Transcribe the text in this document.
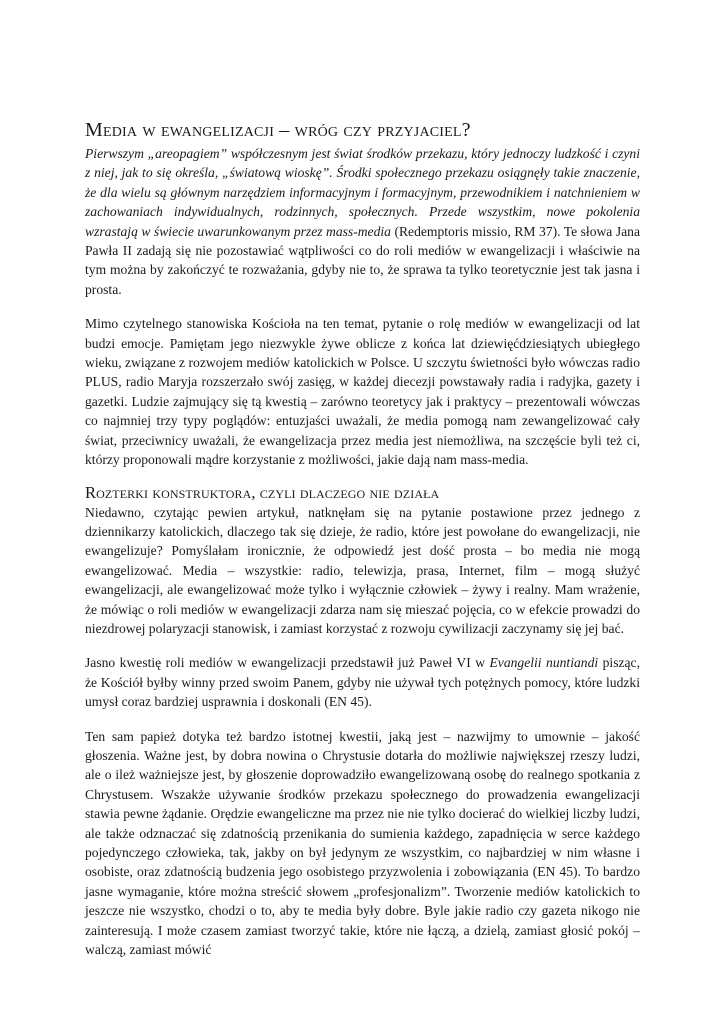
Media w ewangelizacji – wróg czy przyjaciel?

Pierwszym „areopagiem” współczesnym jest świat środków przekazu, który jednoczy ludzkość i czyni z niej, jak to się określa, „światową wioskę”. Środki społecznego przekazu osiągnęły takie znaczenie, że dla wielu są głównym narzędziem informacyjnym i formacyjnym, przewodnikiem i natchnieniem w zachowaniach indywidualnych, rodzinnych, społecznych. Przede wszystkim, nowe pokolenia wzrastają w świecie uwarunkowanym przez mass-media (Redemptoris missio, RM 37). Te słowa Jana Pawła II zadają się nie pozostawiać wątpliwości co do roli mediów w ewangelizacji i właściwie na tym można by zakończyć te rozważania, gdyby nie to, że sprawa ta tylko teoretycznie jest tak jasna i prosta.

Mimo czytelnego stanowiska Kościoła na ten temat, pytanie o rolę mediów w ewangelizacji od lat budzi emocje. Pamiętam jego niezwykle żywe oblicze z końca lat dziewięćdziesiątych ubiegłego wieku, związane z rozwojem mediów katolickich w Polsce. U szczytu świetności było wówczas radio PLUS, radio Maryja rozszerzało swój zasięg, w każdej diecezji powstawały radia i radyjka, gazety i gazetki. Ludzie zajmujący się tą kwestią – zarówno teoretycy jak i praktycy – prezentowali wówczas co najmniej trzy typy poglądów: entuzjaści uważali, że media pomogą nam zewangelizować cały świat, przeciwnicy uważali, że ewangelizacja przez media jest niemożliwa, na szczęście byli też ci, którzy proponowali mądre korzystanie z możliwości, jakie dają nam mass-media.

Rozterki konstruktora, czyli dlaczego nie działa

Niedawno, czytając pewien artykuł, natknęłam się na pytanie postawione przez jednego z dziennikarzy katolickich, dlaczego tak się dzieje, że radio, które jest powołane do ewangelizacji, nie ewangelizuje? Pomyślałam ironicznie, że odpowiedź jest dość prosta – bo media nie mogą ewangelizować. Media – wszystkie: radio, telewizja, prasa, Internet, film – mogą służyć ewangelizacji, ale ewangelizować może tylko i wyłącznie człowiek – żywy i realny. Mam wrażenie, że mówiąc o roli mediów w ewangelizacji zdarza nam się mieszać pojęcia, co w efekcie prowadzi do niezdrowej polaryzacji stanowisk, i zamiast korzystać z rozwoju cywilizacji zaczynamy się jej bać.

Jasno kwestię roli mediów w ewangelizacji przedstawił już Paweł VI w Evangelii nuntiandi pisząc, że Kościół byłby winny przed swoim Panem, gdyby nie używał tych potężnych pomocy, które ludzki umysł coraz bardziej usprawnia i doskonali (EN 45).

Ten sam papież dotyka też bardzo istotnej kwestii, jaką jest – nazwijmy to umownie – jakość głoszenia. Ważne jest, by dobra nowina o Chrystusie dotarła do możliwie największej rzeszy ludzi, ale o ileż ważniejsze jest, by głoszenie doprowadziło ewangelizowaną osobę do realnego spotkania z Chrystusem. Wszakże używanie środków przekazu społecznego do prowadzenia ewangelizacji stawia pewne żądanie. Orędzie ewangeliczne ma przez nie nie tylko docierać do wielkiej liczby ludzi, ale także odznaczać się zdatnością przenikania do sumienia każdego, zapadnięcia w serce każdego pojedynczego człowieka, tak, jakby on był jedynym ze wszystkim, co najbardziej w nim własne i osobiste, oraz zdatnością budzenia jego osobistego przyzwolenia i zobowiązania (EN 45). To bardzo jasne wymaganie, które można streścić słowem „profesjonalizm”. Tworzenie mediów katolickich to jeszcze nie wszystko, chodzi o to, aby te media były dobre. Byle jakie radio czy gazeta nikogo nie zainteresują. I może czasem zamiast tworzyć takie, które nie łączą, a dzielą, zamiast głosić pokój – walczą, zamiast mówić
